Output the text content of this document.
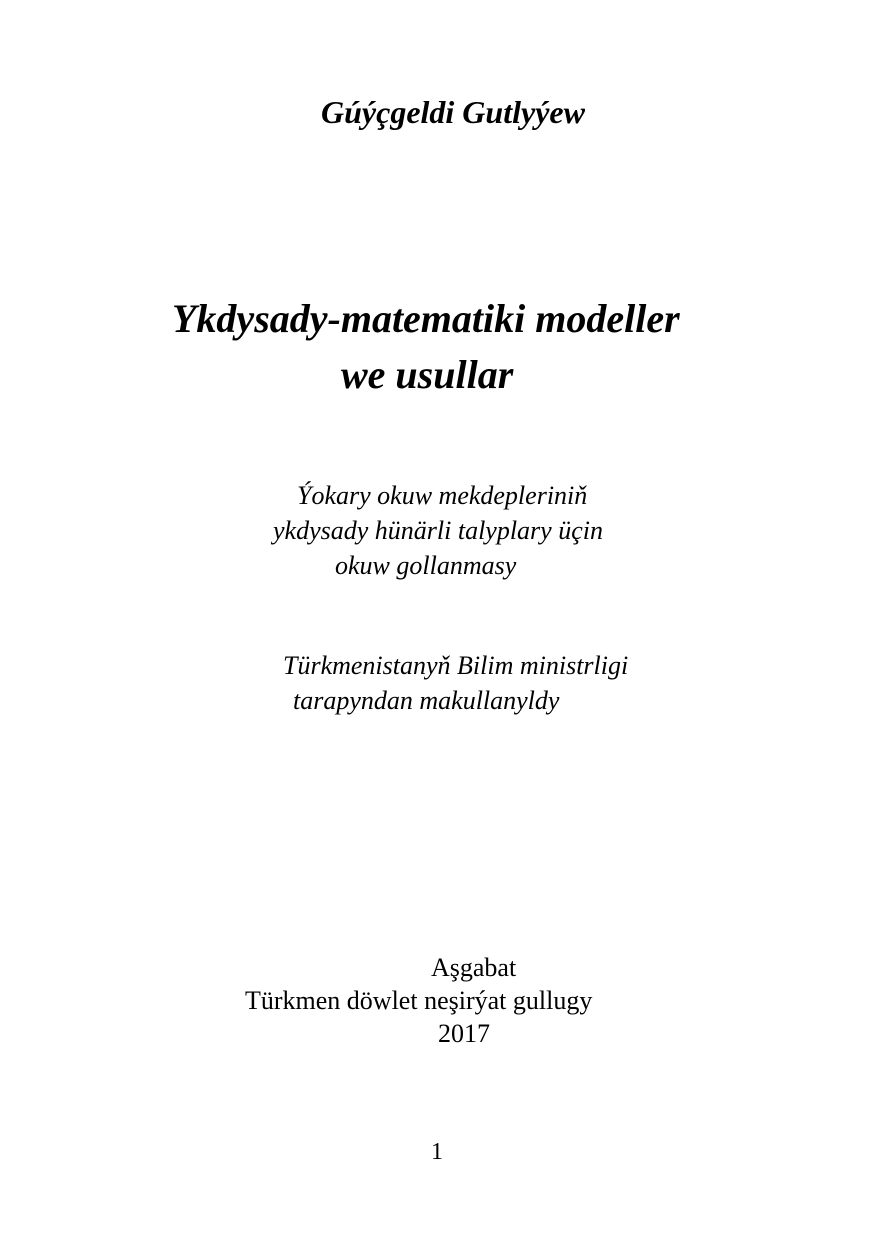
Gúýçgeldi Gutlyýew

Ykdysady-matematiki modeller

we usullar

Ýokary okuw mekdepleriniň

ykdysady hünärli talyplary üçin

okuw gollanmasy

Türkmenistanyň Bilim ministrligi

tarapyndan makullanyldy

Aşgabat

Türkmen döwlet neşirýat gullugy

2017

1
